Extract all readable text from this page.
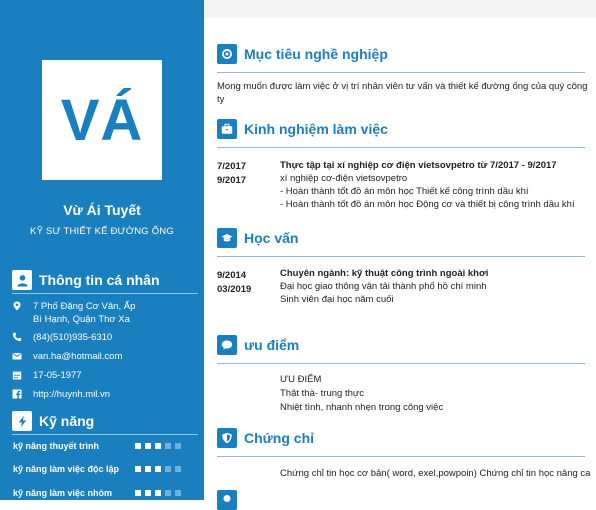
VÁ
Vừ Ái Tuyết
KỸ SƯ THIẾT KẾ ĐƯỜNG ỐNG
Thông tin cá nhân
7 Phố Đặng Cơ Vân, Ấp
Bì Hạnh, Quận Thơ Xa
(84)(510)935-6310
van.ha@hotmail.com
17-05-1977
http://huynh.mil.vn
Kỹ năng
kỹ năng thuyết trình
kỹ năng làm việc độc lập
kỹ năng làm việc nhóm
Mục tiêu nghề nghiệp
Mong muốn được làm việc ở vị trí nhân viên tư vấn và thiết kế đường ống của quý công
ty
Kinh nghiệm làm việc
7/2017
9/2017
Thực tập tại xí nghiệp cơ điện vietsovpetro từ 7/2017 - 9/2017
xí nghiệp cơ-điện vietsovpetro
- Hoàn thành tốt đồ án môn học Thiết kế công trình dầu khí
- Hoàn thành tốt đồ án môn học Động cơ và thiết bị công trình dầu khí
Học vấn
9/2014
03/2019
Chuyên ngành: kỹ thuật công trình ngoài khơi
Đại học giao thông vận tải thành phố hồ chí minh
Sinh viên đại học năm cuối
ưu điểm
ƯU ĐIỂM
Thật thà- trung thực
Nhiệt tình, nhanh nhẹn trong công việc
Chứng chỉ
Chứng chỉ tin học cơ bản( word, exel,powpoin) Chứng chỉ tin học nâng ca
